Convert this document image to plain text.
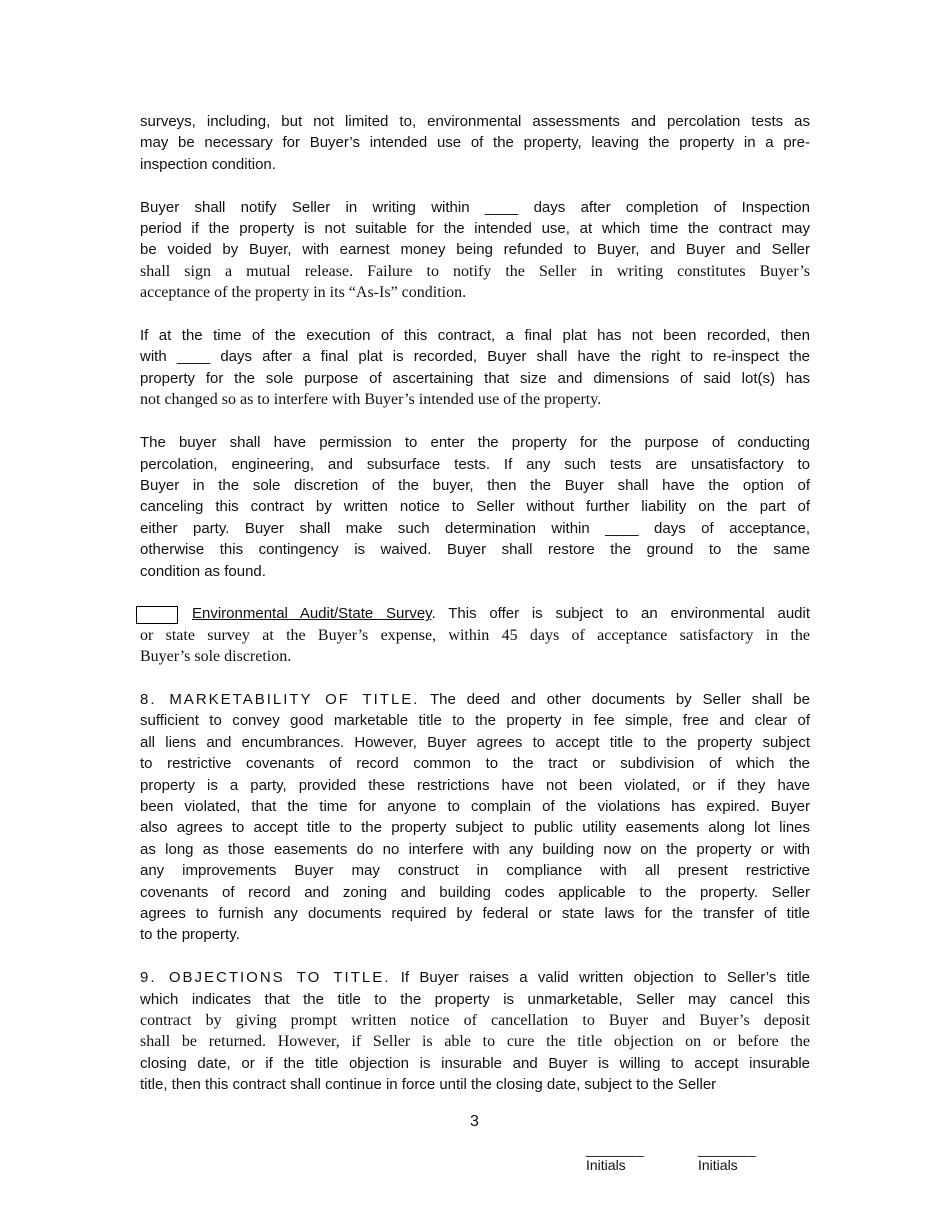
surveys, including, but not limited to, environmental assessments and percolation tests as
may be necessary for Buyer’s intended use of the property, leaving the property in a pre-
inspection condition.
Buyer shall notify Seller in writing within ____ days after completion of Inspection
period if the property is not suitable for the intended use, at which time the contract may
be voided by Buyer, with earnest money being refunded to Buyer, and Buyer and Seller
shall sign a mutual release. Failure to notify the Seller in writing constitutes Buyer’s
acceptance of the property in its “As-Is” condition.
If at the time of the execution of this contract, a final plat has not been recorded, then
with ____ days after a final plat is recorded, Buyer shall have the right to re-inspect the
property for the sole purpose of ascertaining that size and dimensions of said lot(s) has
not changed so as to interfere with Buyer’s intended use of the property.
The buyer shall have permission to enter the property for the purpose of conducting
percolation, engineering, and subsurface tests. If any such tests are unsatisfactory to
Buyer in the sole discretion of the buyer, then the Buyer shall have the option of
canceling this contract by written notice to Seller without further liability on the part of
either party. Buyer shall make such determination within ____ days of acceptance,
otherwise this contingency is waived. Buyer shall restore the ground to the same
condition as found.
Environmental Audit/State Survey. This offer is subject to an environmental audit
or state survey at the Buyer’s expense, within 45 days of acceptance satisfactory in the
Buyer’s sole discretion.
8. MARKETABILITY OF TITLE. The deed and other documents by Seller shall be
sufficient to convey good marketable title to the property in fee simple, free and clear of
all liens and encumbrances. However, Buyer agrees to accept title to the property subject
to restrictive covenants of record common to the tract or subdivision of which the
property is a party, provided these restrictions have not been violated, or if they have
been violated, that the time for anyone to complain of the violations has expired. Buyer
also agrees to accept title to the property subject to public utility easements along lot lines
as long as those easements do no interfere with any building now on the property or with
any improvements Buyer may construct in compliance with all present restrictive
covenants of record and zoning and building codes applicable to the property. Seller
agrees to furnish any documents required by federal or state laws for the transfer of title
to the property.
9. OBJECTIONS TO TITLE. If Buyer raises a valid written objection to Seller’s title
which indicates that the title to the property is unmarketable, Seller may cancel this
contract by giving prompt written notice of cancellation to Buyer and Buyer’s deposit
shall be returned. However, if Seller is able to cure the title objection on or before the
closing date, or if the title objection is insurable and Buyer is willing to accept insurable
title, then this contract shall continue in force until the closing date, subject to the Seller
3
_______
Initials
_______
Initials
